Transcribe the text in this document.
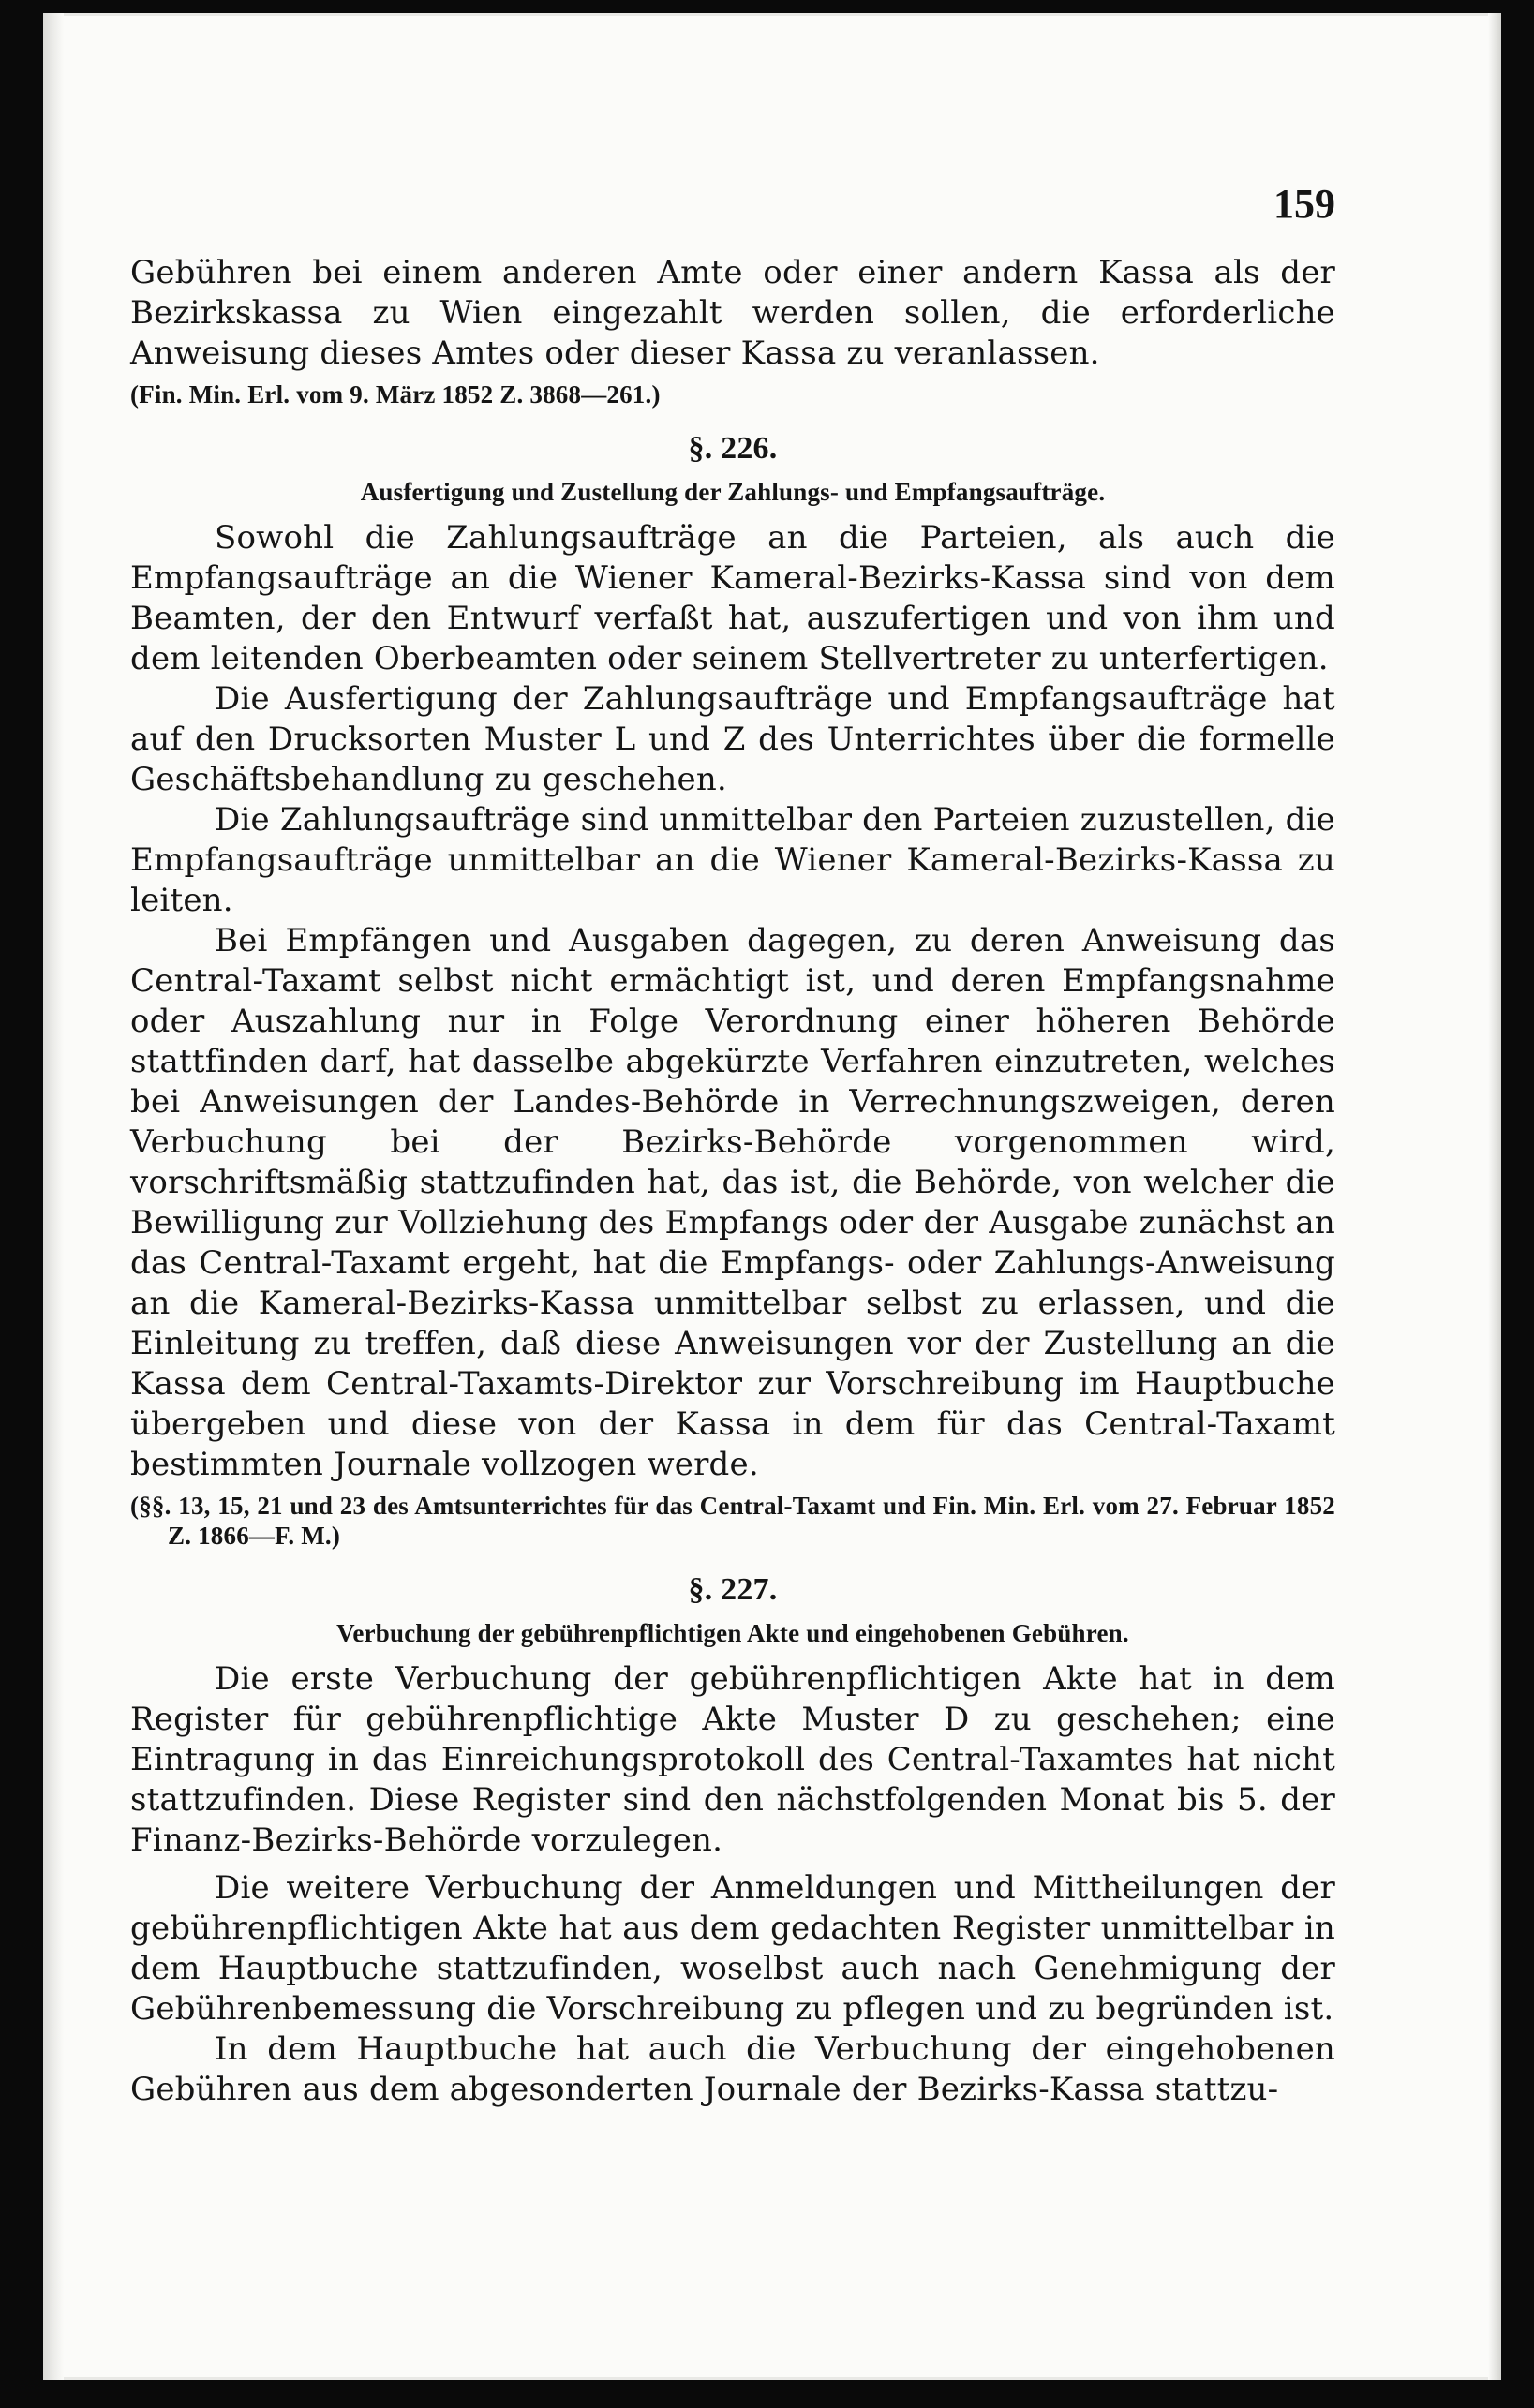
159

Gebühren bei einem anderen Amte oder einer andern Kassa als der Bezirkskassa zu Wien eingezahlt werden sollen, die erforderliche Anweisung dieses Amtes oder dieser Kassa zu veranlassen.

(Fin. Min. Erl. vom 9. März 1852 Z. 3868—261.)

§. 226.
Ausfertigung und Zustellung der Zahlungs- und Empfangsaufträge.

Sowohl die Zahlungsaufträge an die Parteien, als auch die Empfangsaufträge an die Wiener Kameral-Bezirks-Kassa sind von dem Beamten, der den Entwurf verfaßt hat, auszufertigen und von ihm und dem leitenden Oberbeamten oder seinem Stellvertreter zu unterfertigen.

Die Ausfertigung der Zahlungsaufträge und Empfangsaufträge hat auf den Drucksorten Muster L und Z des Unterrichtes über die formelle Geschäftsbehandlung zu geschehen.

Die Zahlungsaufträge sind unmittelbar den Parteien zuzustellen, die Empfangsaufträge unmittelbar an die Wiener Kameral-Bezirks-Kassa zu leiten.

Bei Empfängen und Ausgaben dagegen, zu deren Anweisung das Central-Taxamt selbst nicht ermächtigt ist, und deren Empfangsnahme oder Auszahlung nur in Folge Verordnung einer höheren Behörde stattfinden darf, hat dasselbe abgekürzte Verfahren einzutreten, welches bei Anweisungen der Landes-Behörde in Verrechnungszweigen, deren Verbuchung bei der Bezirks-Behörde vorgenommen wird, vorschriftsmäßig stattzufinden hat, das ist, die Behörde, von welcher die Bewilligung zur Vollziehung des Empfangs oder der Ausgabe zunächst an das Central-Taxamt ergeht, hat die Empfangs- oder Zahlungs-Anweisung an die Kameral-Bezirks-Kassa unmittelbar selbst zu erlassen, und die Einleitung zu treffen, daß diese Anweisungen vor der Zustellung an die Kassa dem Central-Taxamts-Direktor zur Vorschreibung im Hauptbuche übergeben und diese von der Kassa in dem für das Central-Taxamt bestimmten Journale vollzogen werde.

(§§. 13, 15, 21 und 23 des Amtsunterrichtes für das Central-Taxamt und Fin. Min. Erl. vom 27. Februar 1852 Z. 1866—F. M.)

§. 227.
Verbuchung der gebührenpflichtigen Akte und eingehobenen Gebühren.

Die erste Verbuchung der gebührenpflichtigen Akte hat in dem Register für gebührenpflichtige Akte Muster D zu geschehen; eine Eintragung in das Einreichungsprotokoll des Central-Taxamtes hat nicht stattzufinden. Diese Register sind den nächstfolgenden Monat bis 5. der Finanz-Bezirks-Behörde vorzulegen.

Die weitere Verbuchung der Anmeldungen und Mittheilungen der gebührenpflichtigen Akte hat aus dem gedachten Register unmittelbar in dem Hauptbuche stattzufinden, woselbst auch nach Genehmigung der Gebührenbemessung die Vorschreibung zu pflegen und zu begründen ist.

In dem Hauptbuche hat auch die Verbuchung der eingehobenen Gebühren aus dem abgesonderten Journale der Bezirks-Kassa stattzu-
